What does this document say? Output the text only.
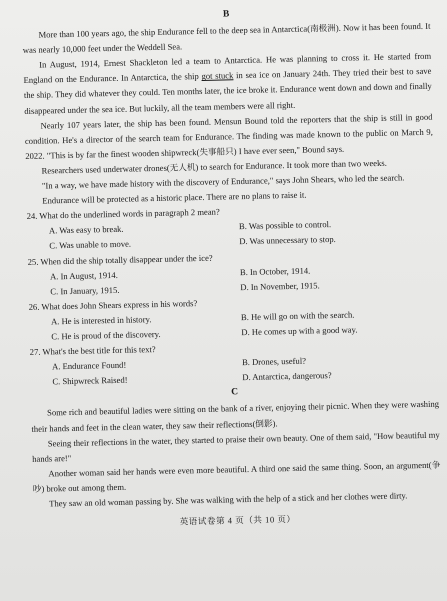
B

More than 100 years ago, the ship Endurance fell to the deep sea in Antarctica(南极洲). Now it has been found. It was nearly 10,000 feet under the Weddell Sea.

In August, 1914, Ernest Shackleton led a team to Antarctica. He was planning to cross it. He started from England on the Endurance. In Antarctica, the ship got stuck in sea ice on January 24th. They tried their best to save the ship. They did whatever they could. Ten months later, the ice broke it. Endurance went down and down and finally disappeared under the sea ice. But luckily, all the team members were all right.

Nearly 107 years later, the ship has been found. Mensun Bound told the reporters that the ship is still in good condition. He's a director of the search team for Endurance. The finding was made known to the public on March 9, 2022. "This is by far the finest wooden shipwreck(失事船只) I have ever seen," Bound says.

Researchers used underwater drones(无人机) to search for Endurance. It took more than two weeks.

"In a way, we have made history with the discovery of Endurance," says John Shears, who led the search.

Endurance will be protected as a historic place. There are no plans to raise it.

24. What do the underlined words in paragraph 2 mean?

A. Was easy to break.	B. Was possible to control.
C. Was unable to move.	D. Was unnecessary to stop.

25. When did the ship totally disappear under the ice?

A. In August, 1914.	B. In October, 1914.
C. In January, 1915.	D. In November, 1915.

26. What does John Shears express in his words?

A. He is interested in history.	B. He will go on with the search.
C. He is proud of the discovery.	D. He comes up with a good way.

27. What's the best title for this text?

A. Endurance Found!	B. Drones, useful?
C. Shipwreck Raised!	D. Antarctica, dangerous?
C

Some rich and beautiful ladies were sitting on the bank of a river, enjoying their picnic. When they were washing their hands and feet in the clean water, they saw their reflections(倒影).

Seeing their reflections in the water, they started to praise their own beauty. One of them said, "How beautiful my hands are!"

Another woman said her hands were even more beautiful. A third one said the same thing. Soon, an argument(争吵) broke out among them.

They saw an old woman passing by. She was walking with the help of a stick and her clothes were dirty.

英语试卷第 4 页（共 10 页）
